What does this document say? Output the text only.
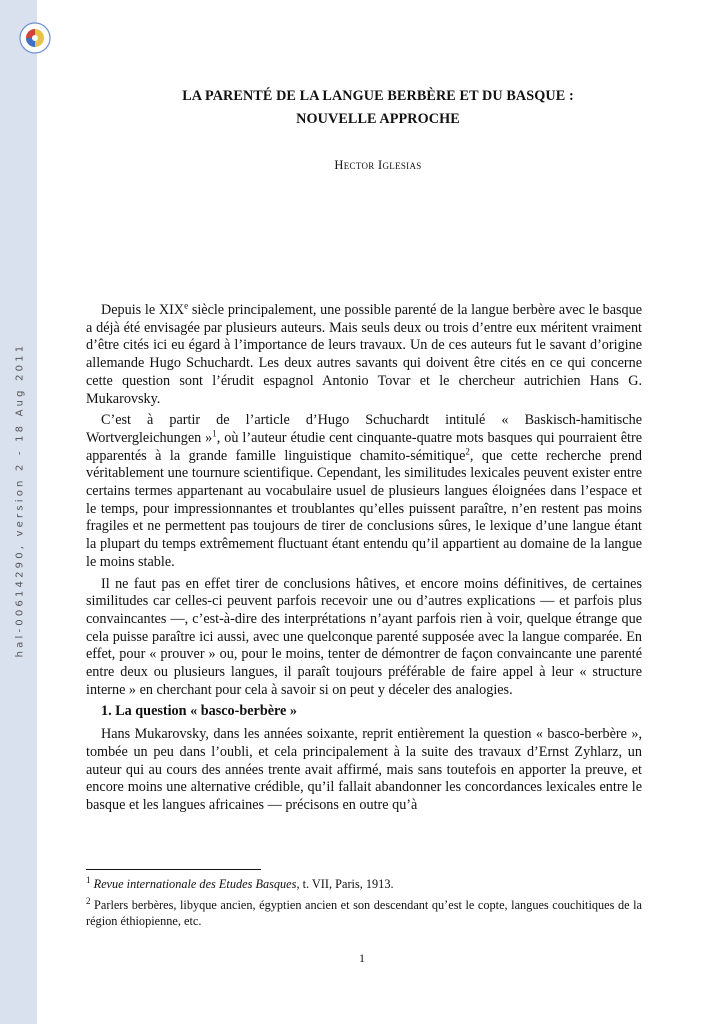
hal-00614290, version 2 - 18 Aug 2011
LA PARENTÉ DE LA LANGUE BERBÈRE ET DU BASQUE :
NOUVELLE APPROCHE
Hector Iglesias

Depuis le XIXe siècle principalement, une possible parenté de la langue berbère avec le basque a déjà été envisagée par plusieurs auteurs. Mais seuls deux ou trois d’entre eux méritent vraiment d’être cités ici eu égard à l’importance de leurs travaux. Un de ces auteurs fut le savant d’origine allemande Hugo Schuchardt. Les deux autres savants qui doivent être cités en ce qui concerne cette question sont l’érudit espagnol Antonio Tovar et le chercheur autrichien Hans G. Mukarovsky.

C’est à partir de l’article d’Hugo Schuchardt intitulé « Baskisch-hamitische Wortvergleichungen »$^1$, où l’auteur étudie cent cinquante-quatre mots basques qui pourraient être apparentés à la grande famille linguistique chamito-sémitique$^2$, que cette recherche prend véritablement une tournure scientifique. Cependant, les similitudes lexicales peuvent exister entre certains termes appartenant au vocabulaire usuel de plusieurs langues éloignées dans l’espace et le temps, pour impressionnantes et troublantes qu’elles puissent paraître, n’en restent pas moins fragiles et ne permettent pas toujours de tirer de conclusions sûres, le lexique d’une langue étant la plupart du temps extrêmement fluctuant étant entendu qu’il appartient au domaine de la langue le moins stable.

Il ne faut pas en effet tirer de conclusions hâtives, et encore moins définitives, de certaines similitudes car celles-ci peuvent parfois recevoir une ou d’autres explications — et parfois plus convaincantes —, c’est-à-dire des interprétations n’ayant parfois rien à voir, quelque étrange que cela puisse paraître ici aussi, avec une quelconque parenté supposée avec la langue comparée. En effet, pour « prouver » ou, pour le moins, tenter de démontrer de façon convaincante une parenté entre deux ou plusieurs langues, il paraît toujours préférable de faire appel à leur « structure interne » en cherchant pour cela à savoir si on peut y déceler des analogies.

1. La question « basco-berbère »

Hans Mukarovsky, dans les années soixante, reprit entièrement la question « basco-berbère », tombée un peu dans l’oubli, et cela principalement à la suite des travaux d’Ernst Zyhlarz, un auteur qui au cours des années trente avait affirmé, mais sans toutefois en apporter la preuve, et encore moins une alternative crédible, qu’il fallait abandonner les concordances lexicales entre le basque et les langues africaines — précisons en outre qu’à

$^1$ Revue internationale des Etudes Basques, t. VII, Paris, 1913.

$^2$ Parlers berbères, libyque ancien, égyptien ancien et son descendant qu’est le copte, langues couchitiques de la région éthiopienne, etc.

1
